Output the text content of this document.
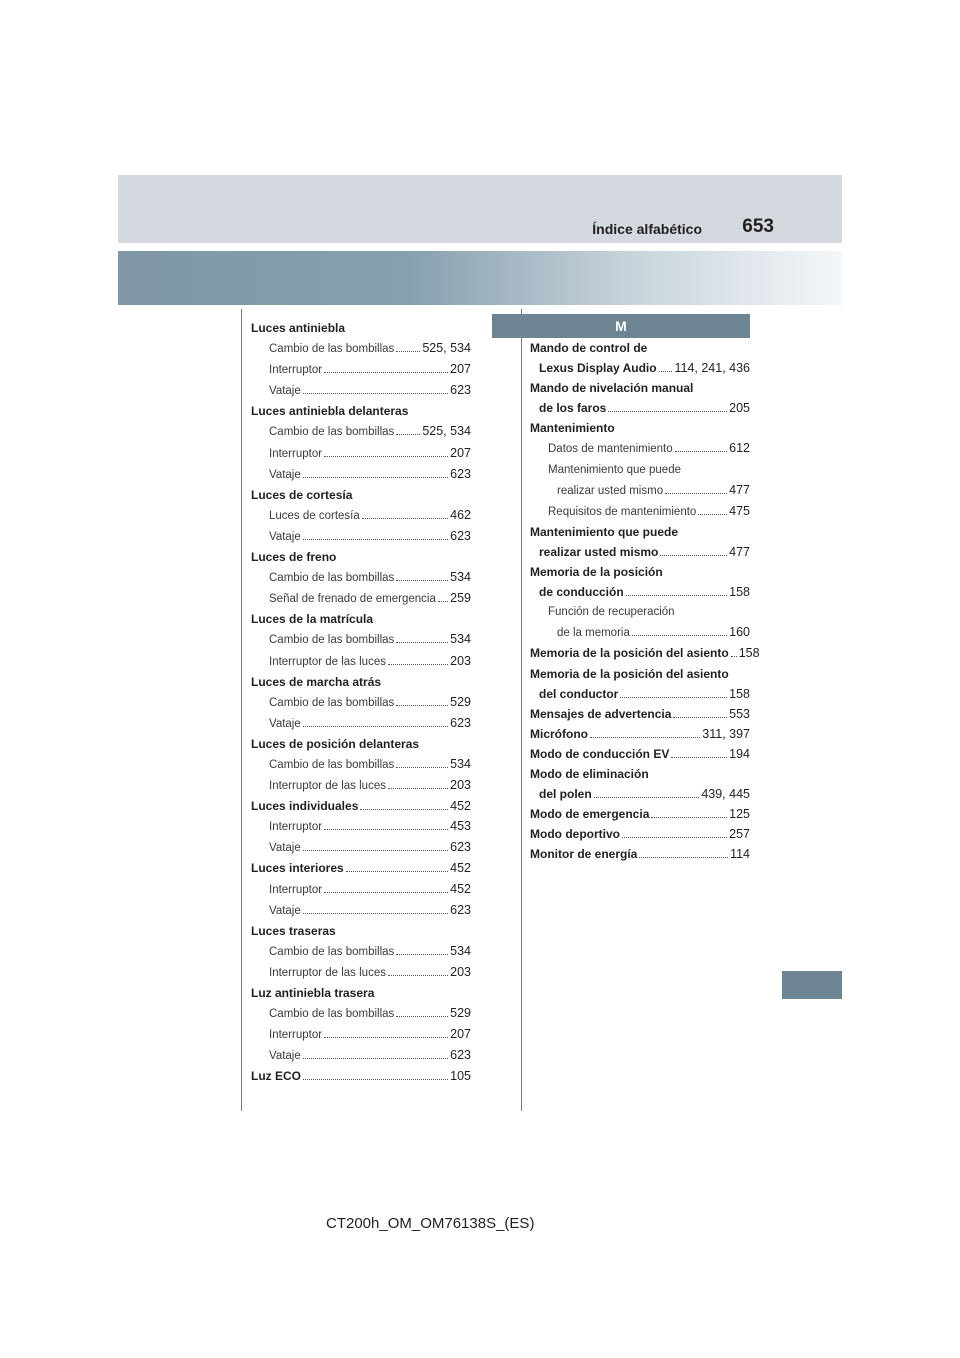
Índice alfabético 653
M
Luces antiniebla
Cambio de las bombillas 525, 534
Interruptor	207
Vataje	623
Luces antiniebla delanteras
Cambio de las bombillas 525, 534
Interruptor	207
Vataje	623
Luces de cortesía
Luces de cortesía	462
Vataje	623
Luces de freno
Cambio de las bombillas	534
Señal de frenado de emergencia 259
Luces de la matrícula
Cambio de las bombillas	534
Interruptor de las luces	203
Luces de marcha atrás
Cambio de las bombillas	529
Vataje	623
Luces de posición delanteras
Cambio de las bombillas	534
Interruptor de las luces	203
Luces individuales	452
Interruptor	453
Vataje	623
Luces interiores	452
Interruptor	452
Vataje	623
Luces traseras
Cambio de las bombillas	534
Interruptor de las luces	203
Luz antiniebla trasera
Cambio de las bombillas	529
Interruptor	207
Vataje	623
Luz ECO	105
Mando de control de
Lexus Display Audio 114, 241, 436
Mando de nivelación manual
de los faros	205
Mantenimiento
Datos de mantenimiento	612
Mantenimiento que puede
realizar usted mismo	477
Requisitos de mantenimiento	475
Mantenimiento que puede
realizar usted mismo	477
Memoria de la posición
de conducción	158
Función de recuperación
de la memoria	160
Memoria de la posición del asiento 158
Memoria de la posición del asiento
del conductor	158
Mensajes de advertencia	553
Micrófono	311, 397
Modo de conducción EV	194
Modo de eliminación
del polen	439, 445
Modo de emergencia	125
Modo deportivo	257
Monitor de energía	114
CT200h_OM_OM76138S_(ES)
